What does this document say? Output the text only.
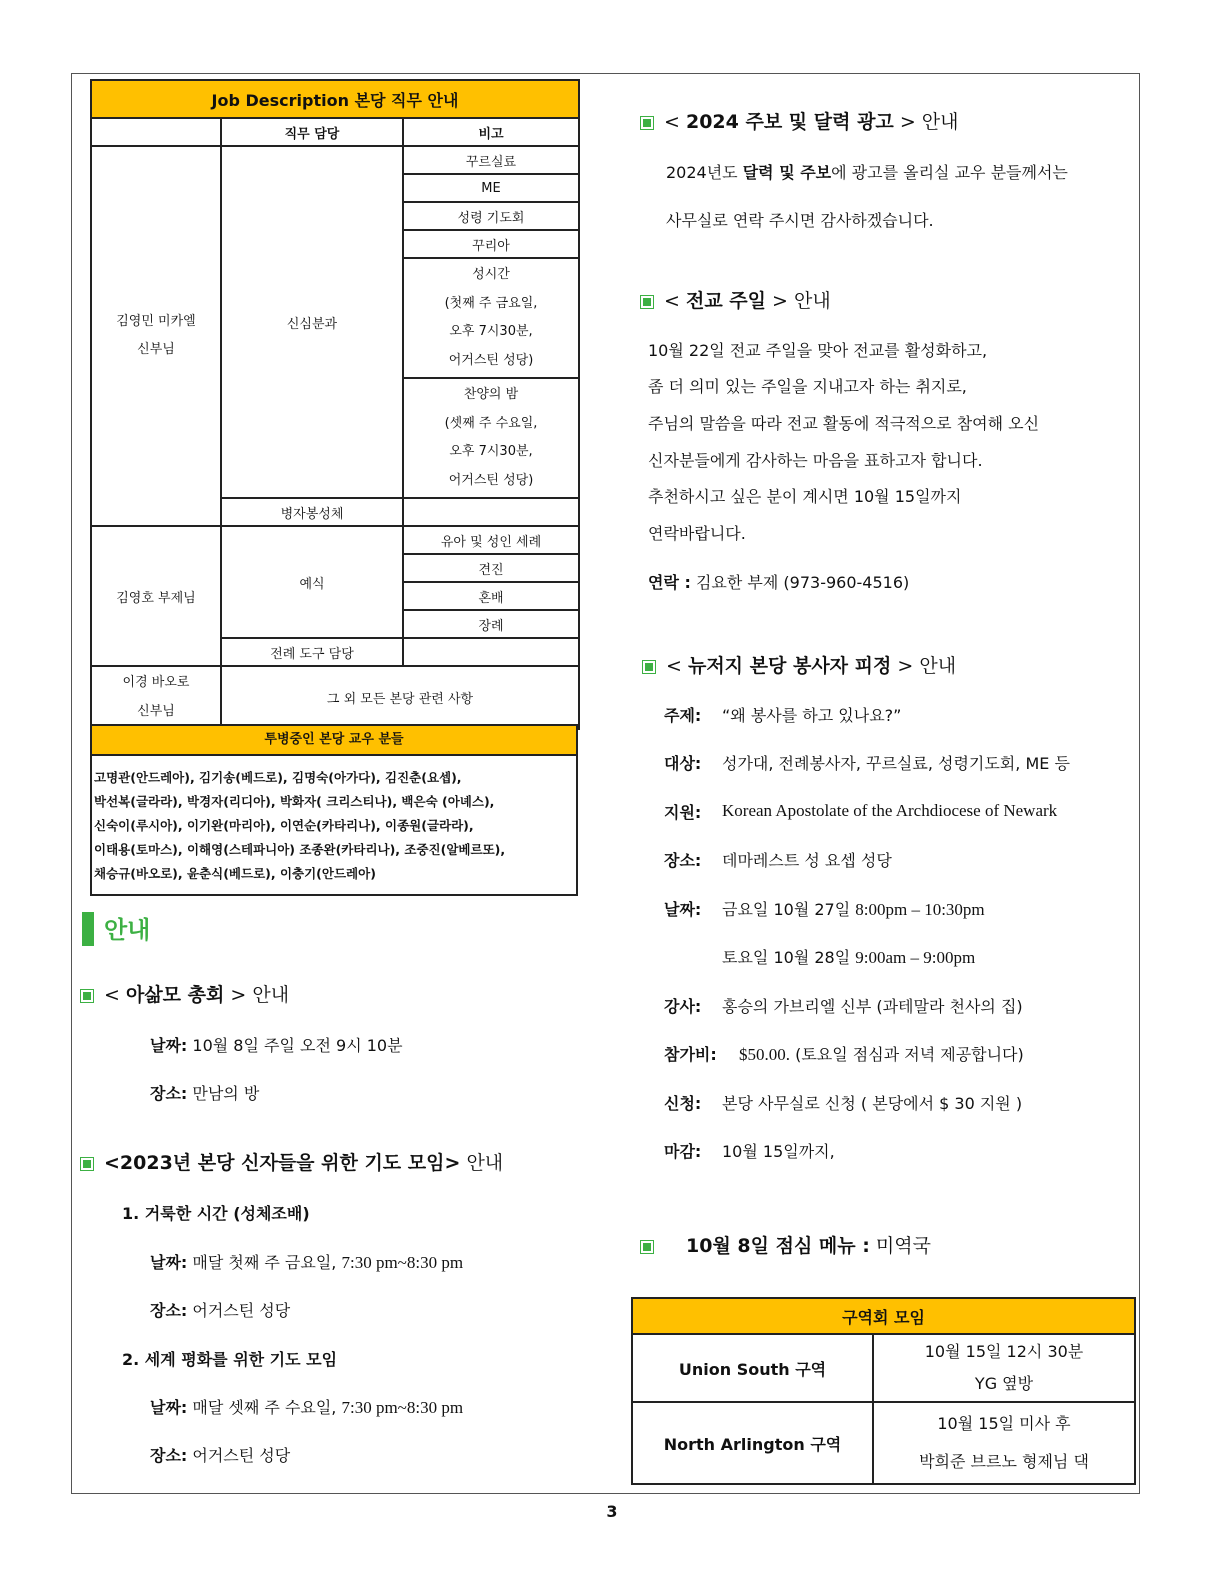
Job Description 본당 직무 안내		
	직무 담당	비고
김영민 미카엘
신부님	신심분과	꾸르실료
		ME
		성령 기도회
		꾸리아
		성시간
(첫째 주 금요일,
오후 7시30분,
어거스틴 성당)
		찬양의 밤
(셋째 주 수요일,
오후 7시30분,
어거스틴 성당)
	병자봉성체	
김영호 부제님	예식	유아 및 성인 세례
		견진
		혼배
		장례
	전례 도구 담당	
이경 바오로
신부님	그 외 모든 본당 관련 사항	
투병중인 본당 교우 분들
고명관(안드레아), 김기송(베드로), 김명숙(아가다), 김진춘(요셉),
박선복(글라라), 박경자(리디아), 박화자( 크리스티나), 백은숙 (아녜스),
신숙이(루시아), 이기완(마리아), 이연순(카타리나), 이종원(글라라),
이태용(토마스), 이해영(스테파니아) 조종완(카타리나), 조중진(알베르또),
채승규(바오로), 윤춘식(베드로), 이충기(안드레아)
안내
< 아삶모 총회 > 안내
날짜: 10월 8일 주일 오전 9시 10분
장소: 만남의 방
<2023년 본당 신자들을 위한 기도 모임> 안내
1. 거룩한 시간 (성체조배)
날짜: 매달 첫째 주 금요일, 7:30 pm~8:30 pm
장소: 어거스틴 성당
2. 세계 평화를 위한 기도 모임
날짜: 매달 셋째 주 수요일, 7:30 pm~8:30 pm
장소: 어거스틴 성당
< 2024 주보 및 달력 광고 > 안내
2024년도 달력 및 주보에 광고를 올리실 교우 분들께서는
사무실로 연락 주시면 감사하겠습니다.
< 전교 주일 > 안내
10월 22일 전교 주일을 맞아 전교를 활성화하고,
좀 더 의미 있는 주일을 지내고자 하는 취지로,
주님의 말씀을 따라 전교 활동에 적극적으로 참여해 오신
신자분들에게 감사하는 마음을 표하고자 합니다.
추천하시고 싶은 분이 계시면 10월 15일까지
연락바랍니다.
연락 : 김요한 부제 (973-960-4516)
< 뉴저지 본당 봉사자 피정 > 안내
주제: “왜 봉사를 하고 있나요?”
대상: 성가대, 전례봉사자, 꾸르실료, 성령기도회, ME 등
지원: Korean Apostolate of the Archdiocese of Newark
장소: 데마레스트 성 요셉 성당
날짜: 금요일 10월 27일 8:00pm – 10:30pm
토요일 10월 28일 9:00am – 9:00pm
강사: 홍승의 가브리엘 신부 (과테말라 천사의 집)
참가비: $50.00. (토요일 점심과 저녁 제공합니다)
신청: 본당 사무실로 신청 ( 본당에서 $ 30 지원 )
마감: 10월 15일까지,
10월 8일 점심 메뉴 : 미역국
구역회 모임	
Union South 구역	10월 15일 12시 30분
YG 옆방
North Arlington 구역	10월 15일 미사 후
박희준 브르노 형제님 댁
3
